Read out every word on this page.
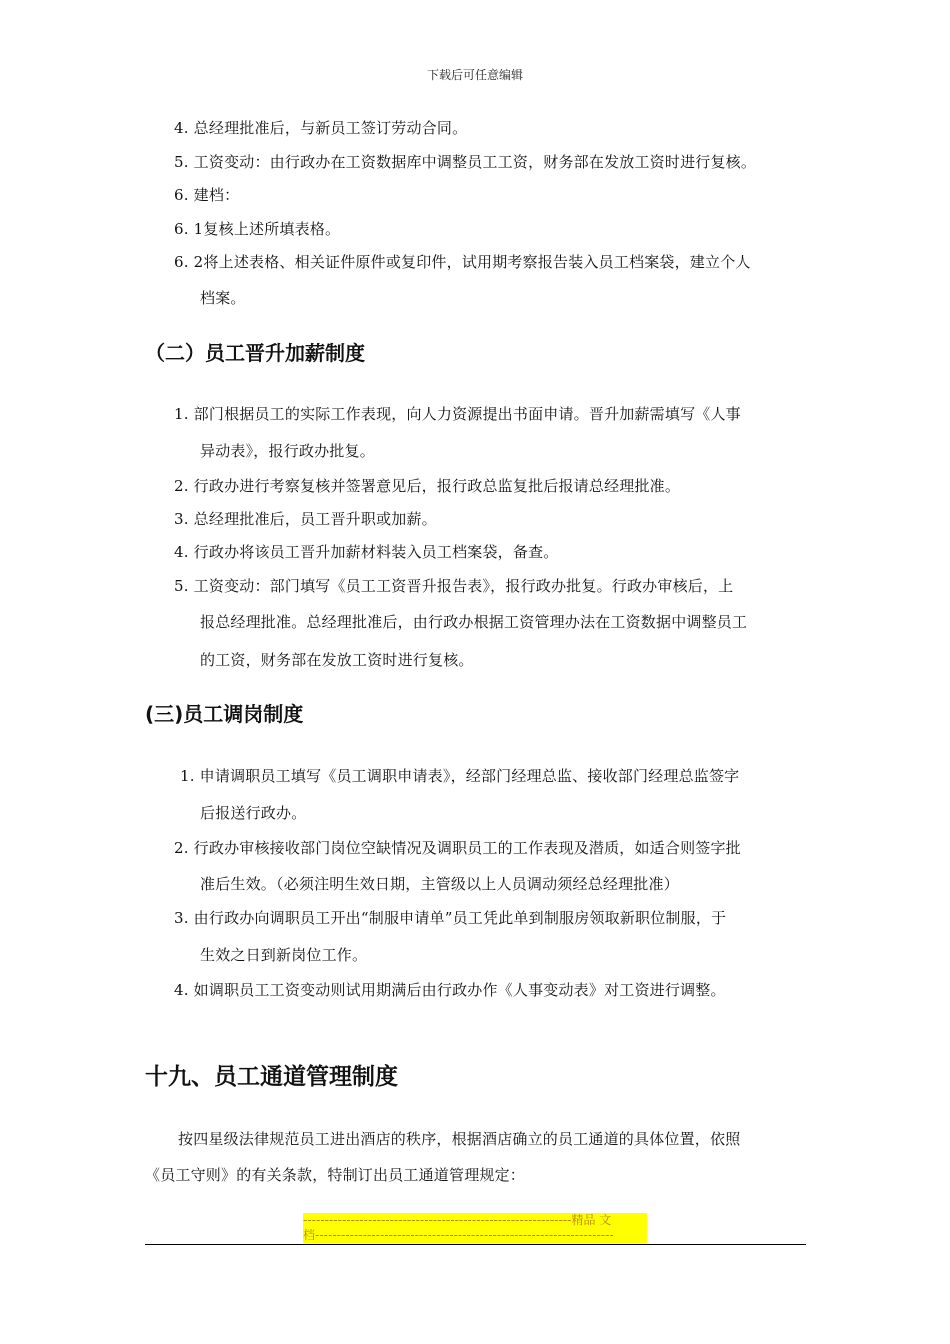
下载后可任意编辑
4. 总经理批准后，与新员工签订劳动合同。
5. 工资变动：由行政办在工资数据库中调整员工工资，财务部在发放工资时进行复核。
6. 建档：
6. 1复核上述所填表格。
6. 2将上述表格、相关证件原件或复印件，试用期考察报告装入员工档案袋，建立个人
档案。
（二）员工晋升加薪制度
1. 部门根据员工的实际工作表现，向人力资源提出书面申请。晋升加薪需填写《人事
异动表》，报行政办批复。
2. 行政办进行考察复核并签署意见后，报行政总监复批后报请总经理批准。
3. 总经理批准后，员工晋升职或加薪。
4. 行政办将该员工晋升加薪材料装入员工档案袋，备查。
5. 工资变动：部门填写《员工工资晋升报告表》，报行政办批复。行政办审核后，上
报总经理批准。总经理批准后，由行政办根据工资管理办法在工资数据中调整员工
的工资，财务部在发放工资时进行复核。
(三)员工调岗制度
1. 申请调职员工填写《员工调职申请表》，经部门经理总监、接收部门经理总监签字
后报送行政办。
2. 行政办审核接收部门岗位空缺情况及调职员工的工作表现及潜质，如适合则签字批
准后生效。（必须注明生效日期，主管级以上人员调动须经总经理批准）
3. 由行政办向调职员工开出“制服申请单”员工凭此单到制服房领取新职位制服，于
生效之日到新岗位工作。
4. 如调职员工工资变动则试用期满后由行政办作《人事变动表》对工资进行调整。
十九、员工通道管理制度
按四星级法律规范员工进出酒店的秩序，根据酒店确立的员工通道的具体位置，依照
《员工守则》的有关条款，特制订出员工通道管理规定：
--------------------------------------------------------------精品 文
档---------------------------------------------------------------------
